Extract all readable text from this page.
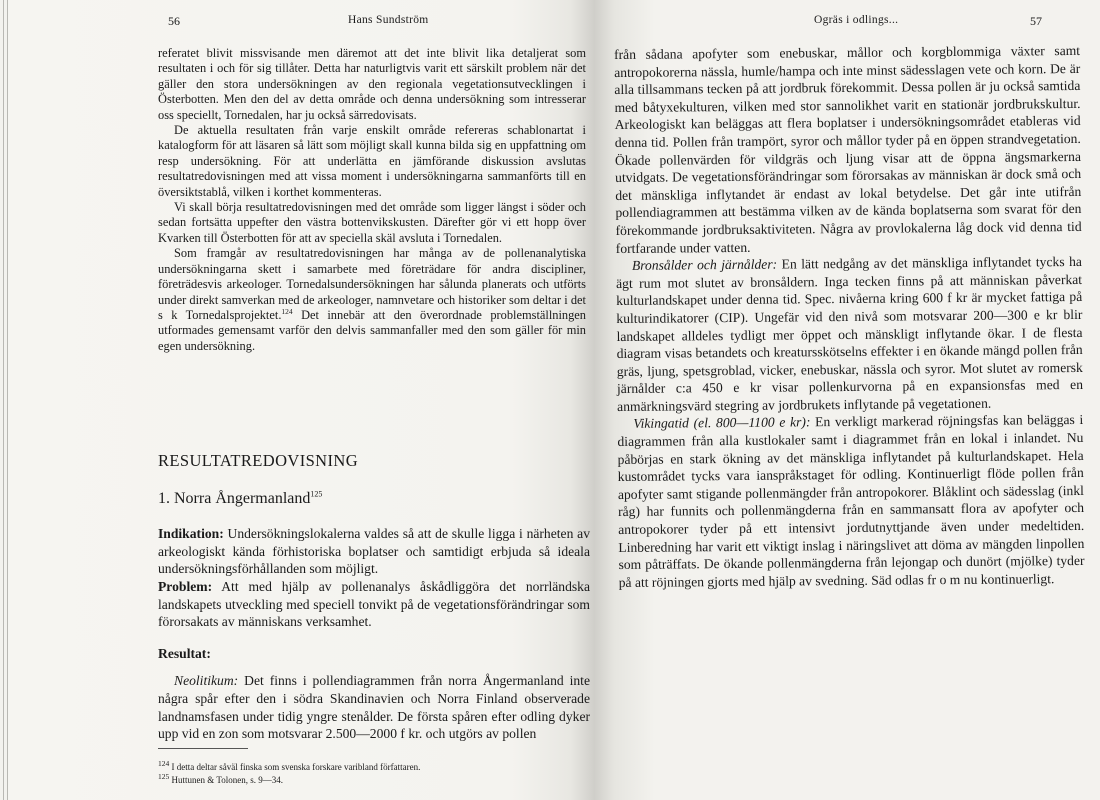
56	Hans Sundström

referatet blivit missvisande men däremot att det inte blivit lika detaljerat som resultaten i och för sig tillåter. Detta har naturligtvis varit ett särskilt problem när det gäller den stora undersökningen av den regionala vegetationsutvecklingen i Österbotten. Men den del av detta område och denna undersökning som intresserar oss speciellt, Tornedalen, har ju också särredovisats.

De aktuella resultaten från varje enskilt område refereras schablonartat i katalogform för att läsaren så lätt som möjligt skall kunna bilda sig en uppfattning om resp undersökning. För att underlätta en jämförande diskussion avslutas resultatredovisningen med att vissa moment i undersökningarna sammanförts till en översiktstablå, vilken i korthet kommenteras.

Vi skall börja resultatredovisningen med det område som ligger längst i söder och sedan fortsätta uppefter den västra bottenvikskusten. Därefter gör vi ett hopp över Kvarken till Österbotten för att av speciella skäl avsluta i Tornedalen.

Som framgår av resultatredovisningen har många av de pollenanalytiska undersökningarna skett i samarbete med företrädare för andra discipliner, företrädesvis arkeologer. Tornedalsundersökningen har sålunda planerats och utförts under direkt samverkan med de arkeologer, namnvetare och historiker som deltar i det s k Tornedalsprojektet.$^{124}$ Det innebär att den överordnade problemställningen utformades gemensamt varför den delvis sammanfaller med den som gäller för min egen undersökning.

RESULTATREDOVISNING
1. Norra Ångermanland$^{125}$

Indikation: Undersökningslokalerna valdes så att de skulle ligga i närheten av arkeologiskt kända förhistoriska boplatser och samtidigt erbjuda så ideala undersökningsförhållanden som möjligt.

Problem: Att med hjälp av pollenanalys åskådliggöra det norrländska landskapets utveckling med speciell tonvikt på de vegetationsförändringar som förorsakats av människans verksamhet.

Resultat:

Neolitikum: Det finns i pollendiagrammen från norra Ångermanland inte några spår efter den i södra Skandinavien och Norra Finland observerade landnamsfasen under tidig yngre stenålder. De första spåren efter odling dyker upp vid en zon som motsvarar 2.500—2000 f kr. och utgörs av pollen

$^{124}$ I detta deltar såväl finska som svenska forskare varibland författaren.
$^{125}$ Huttunen & Tolonen, s. 9—34.
Ogräs i odlings...	57

från sådana apofyter som enebuskar, mållor och korgblommiga växter samt antropokorerna nässla, humle/hampa och inte minst sädesslagen vete och korn. De är alla tillsammans tecken på att jordbruk förekommit. Dessa pollen är ju också samtida med båtyxekulturen, vilken med stor sannolikhet varit en stationär jordbrukskultur. Arkeologiskt kan beläggas att flera boplatser i undersökningsområdet etableras vid denna tid. Pollen från trampört, syror och mållor tyder på en öppen strandvegetation. Ökade pollenvärden för vildgräs och ljung visar att de öppna ängsmarkerna utvidgats. De vegetationsförändringar som förorsakas av människan är dock små och det mänskliga inflytandet är endast av lokal betydelse. Det går inte utifrån pollendiagrammen att bestämma vilken av de kända boplatserna som svarat för den förekommande jordbruksaktiviteten. Några av provlokalerna låg dock vid denna tid fortfarande under vatten.

Bronsålder och järnålder: En lätt nedgång av det mänskliga inflytandet tycks ha ägt rum mot slutet av bronsåldern. Inga tecken finns på att människan påverkat kulturlandskapet under denna tid. Spec. nivåerna kring 600 f kr är mycket fattiga på kulturindikatorer (CIP). Ungefär vid den nivå som motsvarar 200—300 e kr blir landskapet alldeles tydligt mer öppet och mänskligt inflytande ökar. I de flesta diagram visas betandets och kreatursskötselns effekter i en ökande mängd pollen från gräs, ljung, spetsgroblad, vicker, enebuskar, nässla och syror. Mot slutet av romersk järnålder c:a 450 e kr visar pollenkurvorna på en expansionsfas med en anmärkningsvärd stegring av jordbrukets inflytande på vegetationen.

Vikingatid (el. 800—1100 e kr): En verkligt markerad röjningsfas kan beläggas i diagrammen från alla kustlokaler samt i diagrammet från en lokal i inlandet. Nu påbörjas en stark ökning av det mänskliga inflytandet på kulturlandskapet. Hela kustområdet tycks vara ianspråkstaget för odling. Kontinuerligt flöde pollen från apofyter samt stigande pollenmängder från antropokorer. Blåklint och sädesslag (inkl råg) har funnits och pollenmängderna från en sammansatt flora av apofyter och antropokorer tyder på ett intensivt jordutnyttjande även under medeltiden. Linberedning har varit ett viktigt inslag i näringslivet att döma av mängden linpollen som påträffats. De ökande pollenmängderna från lejongap och dunört (mjölke) tyder på att röjningen gjorts med hjälp av svedning. Säd odlas fr o m nu kontinuerligt.
